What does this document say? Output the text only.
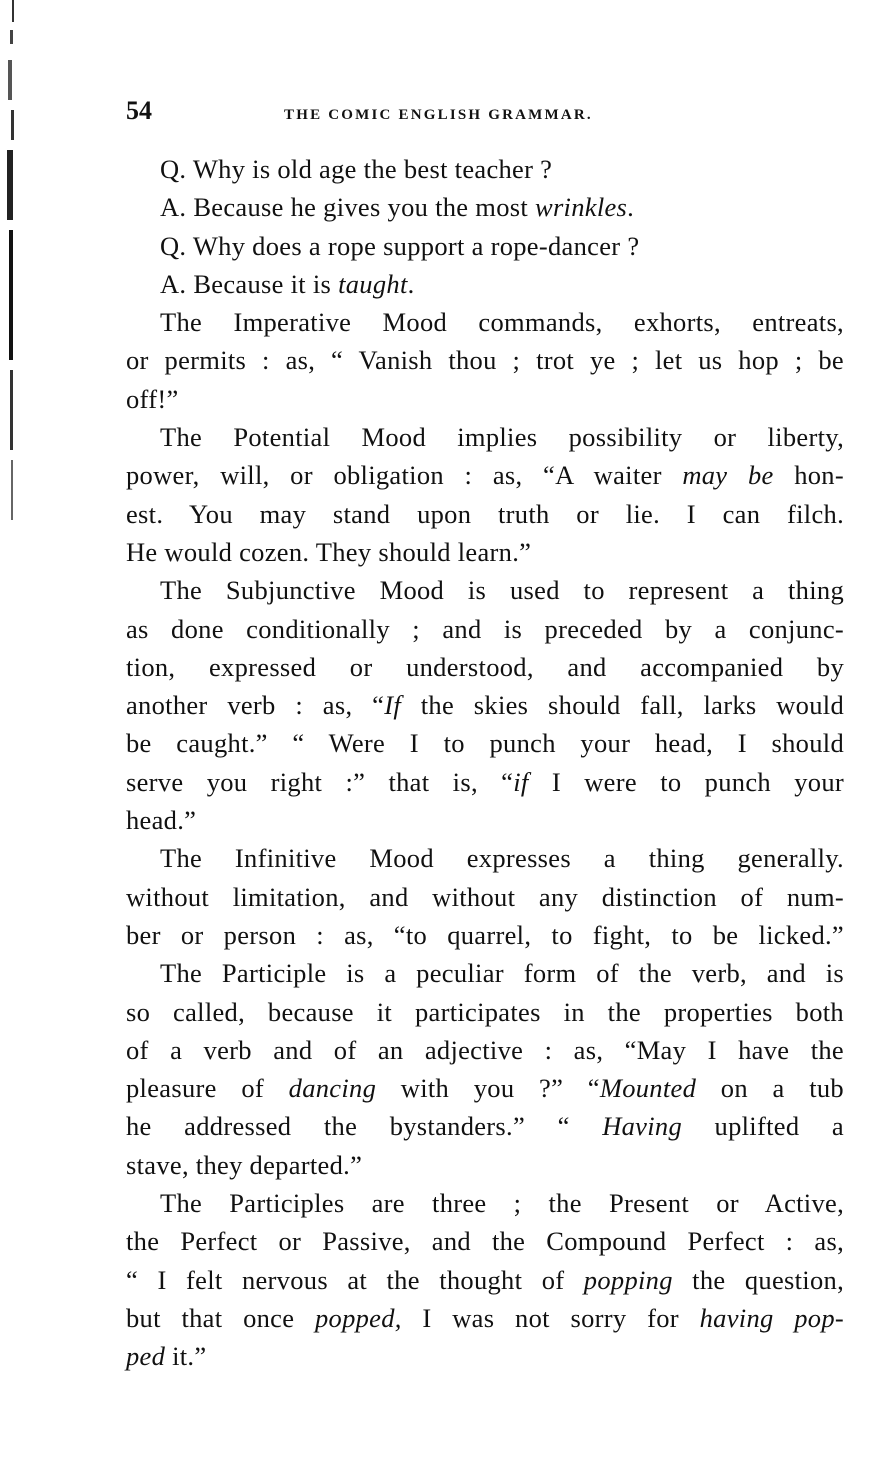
54	THE COMIC ENGLISH GRAMMAR.
Q. Why is old age the best teacher ?
A. Because he gives you the most wrinkles.
Q. Why does a rope support a rope-dancer ?
A. Because it is taught.
The Imperative Mood commands, exhorts, entreats,
or permits : as, “ Vanish thou ; trot ye ; let us hop ; be
off!”
The Potential Mood implies possibility or liberty,
power, will, or obligation : as, “A waiter may be hon-
est. You may stand upon truth or lie. I can filch.
He would cozen. They should learn.”
The Subjunctive Mood is used to represent a thing
as done conditionally ; and is preceded by a conjunc-
tion, expressed or understood, and accompanied by
another verb : as, “If the skies should fall, larks would
be caught.” “ Were I to punch your head, I should
serve you right :” that is, “if I were to punch your
head.”
The Infinitive Mood expresses a thing generally.
without limitation, and without any distinction of num-
ber or person : as, “to quarrel, to fight, to be licked.”
The Participle is a peculiar form of the verb, and is
so called, because it participates in the properties both
of a verb and of an adjective : as, “May I have the
pleasure of dancing with you ?” “Mounted on a tub
he addressed the bystanders.” “ Having uplifted a
stave, they departed.”
The Participles are three ; the Present or Active,
the Perfect or Passive, and the Compound Perfect : as,
“ I felt nervous at the thought of popping the question,
but that once popped, I was not sorry for having pop-
ped it.”
